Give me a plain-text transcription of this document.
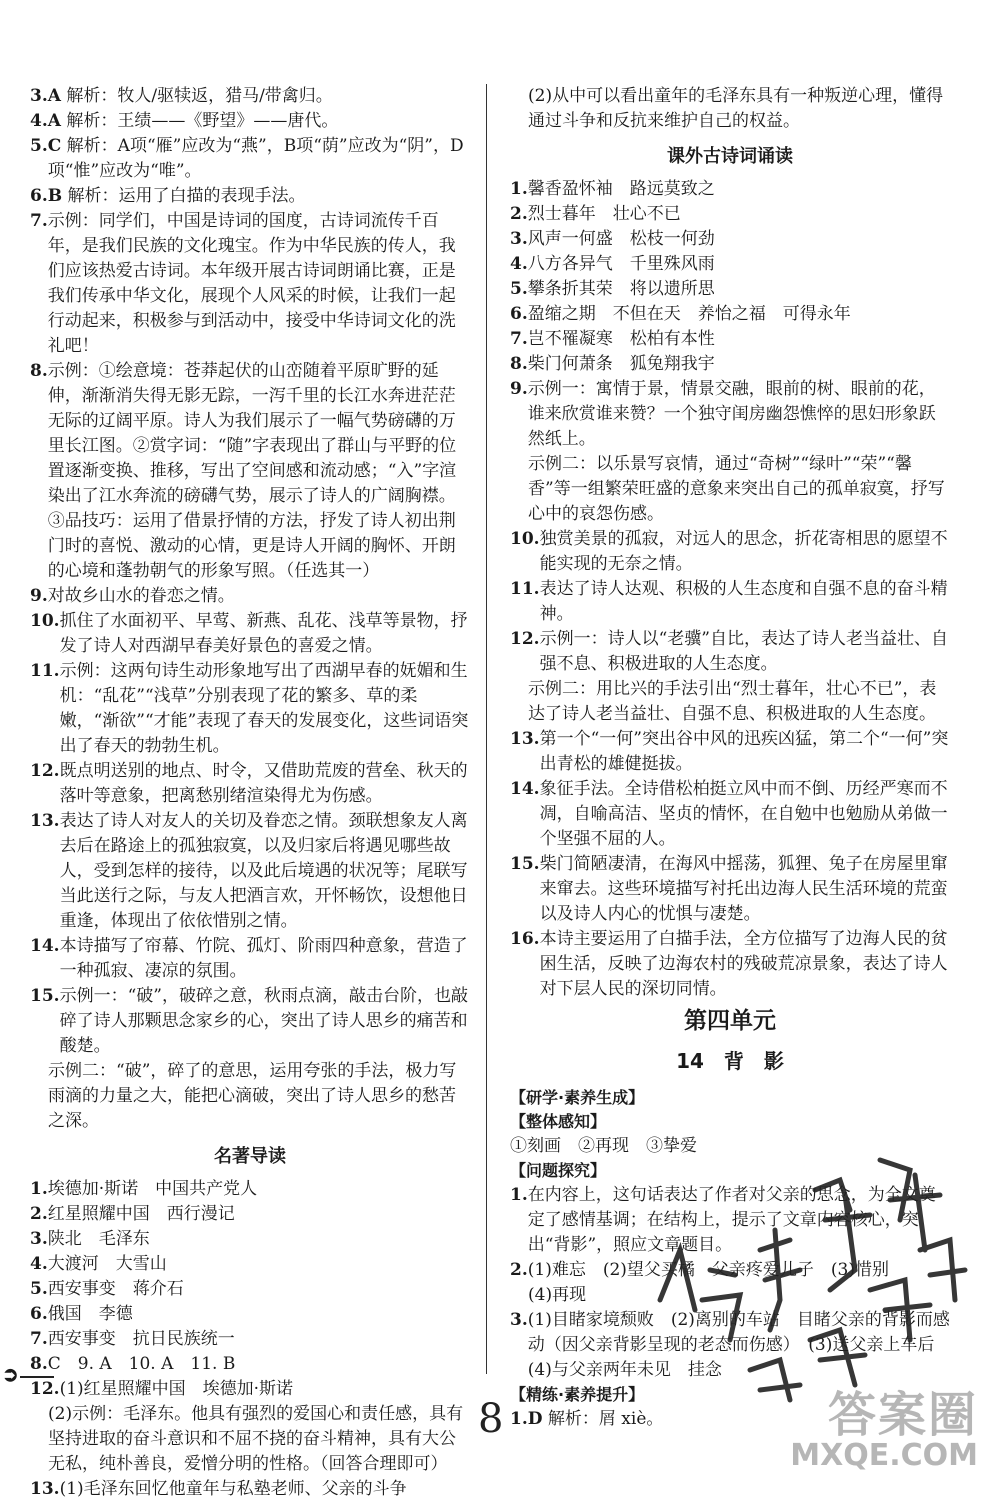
3. A 解析：牧人/驱犊返，猎马/带禽归。
4. A 解析：王绩——《野望》——唐代。
5. C 解析：A项“雁”应改为“燕”，B项“荫”应改为“阴”，D项“惟”应改为“唯”。
6. B 解析：运用了白描的表现手法。
7. 示例：同学们，中国是诗词的国度，古诗词流传千百年，是我们民族的文化瑰宝。作为中华民族的传人，我们应该热爱古诗词。本年级开展古诗词朗诵比赛，正是我们传承中华文化，展现个人风采的时候，让我们一起行动起来，积极参与到活动中，接受中华诗词文化的洗礼吧！
8. 示例：①绘意境：苍莽起伏的山峦随着平原旷野的延伸，渐渐消失得无影无踪，一泻千里的长江水奔进茫茫无际的辽阔平原。诗人为我们展示了一幅气势磅礴的万里长江图。②赏字词：“随”字表现出了群山与平野的位置逐渐变换、推移，写出了空间感和流动感；“入”字渲染出了江水奔流的磅礴气势，展示了诗人的广阔胸襟。③品技巧：运用了借景抒情的方法，抒发了诗人初出荆门时的喜悦、激动的心情，更是诗人开阔的胸怀、开朗的心境和蓬勃朝气的形象写照。（任选其一）
9. 对故乡山水的眷恋之情。
10. 抓住了水面初平、早莺、新燕、乱花、浅草等景物，抒发了诗人对西湖早春美好景色的喜爱之情。
11. 示例：这两句诗生动形象地写出了西湖早春的妩媚和生机：“乱花”“浅草”分别表现了花的繁多、草的柔嫩，“渐欲”“才能”表现了春天的发展变化，这些词语突出了春天的勃勃生机。
12. 既点明送别的地点、时令，又借助荒废的营垒、秋天的落叶等意象，把离愁别绪渲染得尤为伤感。
13. 表达了诗人对友人的关切及眷恋之情。颈联想象友人离去后在路途上的孤独寂寞，以及归家后将遇见哪些故人，受到怎样的接待，以及此后境遇的状况等；尾联写当此送行之际，与友人把酒言欢，开怀畅饮，设想他日重逢，体现出了依依惜别之情。
14. 本诗描写了帘幕、竹院、孤灯、阶雨四种意象，营造了一种孤寂、凄凉的氛围。
15. 示例一：“破”，破碎之意，秋雨点滴，敲击台阶，也敲碎了诗人那颗思念家乡的心，突出了诗人思乡的痛苦和酸楚。
示例二：“破”，碎了的意思，运用夸张的手法，极力写雨滴的力量之大，能把心滴破，突出了诗人思乡的愁苦之深。
名著导读
1. 埃德加·斯诺　中国共产党人
2. 红星照耀中国　西行漫记
3. 陕北　毛泽东
4. 大渡河　大雪山
5. 西安事变　蒋介石
6. 俄国　李德
7. 西安事变　抗日民族统一
8. C　9. A　10. A　11. B
12. (1)红星照耀中国　埃德加·斯诺
(2)示例：毛泽东。他具有强烈的爱国心和责任感，具有坚持进取的奋斗意识和不屈不挠的奋斗精神，具有大公无私，纯朴善良，爱憎分明的性格。（回答合理即可）
13. (1)毛泽东回忆他童年与私塾老师、父亲的斗争
(2)从中可以看出童年的毛泽东具有一种叛逆心理，懂得通过斗争和反抗来维护自己的权益。
课外古诗词诵读
1. 馨香盈怀袖　路远莫致之
2. 烈士暮年　壮心不已
3. 风声一何盛　松枝一何劲
4. 八方各异气　千里殊风雨
5. 攀条折其荣　将以遗所思
6. 盈缩之期　不但在天　养怡之福　可得永年
7. 岂不罹凝寒　松柏有本性
8. 柴门何萧条　狐兔翔我宇
9. 示例一：寓情于景，情景交融，眼前的树、眼前的花，谁来欣赏谁来赞？一个独守闺房幽怨憔悴的思妇形象跃然纸上。
示例二：以乐景写哀情，通过“奇树”“绿叶”“荣”“馨香”等一组繁荣旺盛的意象来突出自己的孤单寂寞，抒写心中的哀怨伤感。
10. 独赏美景的孤寂，对远人的思念，折花寄相思的愿望不能实现的无奈之情。
11. 表达了诗人达观、积极的人生态度和自强不息的奋斗精神。
12. 示例一：诗人以“老骥”自比，表达了诗人老当益壮、自强不息、积极进取的人生态度。
示例二：用比兴的手法引出“烈士暮年，壮心不已”，表达了诗人老当益壮、自强不息、积极进取的人生态度。
13. 第一个“一何”突出谷中风的迅疾凶猛，第二个“一何”突出青松的雄健挺拔。
14. 象征手法。全诗借松柏挺立风中而不倒、历经严寒而不凋，自喻高洁、坚贞的情怀，在自勉中也勉励从弟做一个坚强不屈的人。
15. 柴门简陋凄清，在海风中摇荡，狐狸、兔子在房屋里窜来窜去。这些环境描写衬托出边海人民生活环境的荒蛮以及诗人内心的忧惧与凄楚。
16. 本诗主要运用了白描手法，全方位描写了边海人民的贫困生活，反映了边海农村的残破荒凉景象，表达了诗人对下层人民的深切同情。
第四单元
14　背　影
【研学·素养生成】
【整体感知】
①刻画　②再现　③挚爱
【问题探究】
1. 在内容上，这句话表达了作者对父亲的思念，为全文奠定了感情基调；在结构上，提示了文章内容核心，突出“背影”，照应文章题目。
2. (1)难忘　(2)望父买橘　父亲疼爱儿子　(3)惜别
(4)再现
3. (1)目睹家境颓败　(2)离别的车站　目睹父亲的背影而感动（因父亲背影呈现的老态而伤感）　(3)送父亲上车后　(4)与父亲两年未见　挂念
【精练·素养提升】
1. D 解析：屑 xiè。
➲
8	答案圈
MXQE.COM
